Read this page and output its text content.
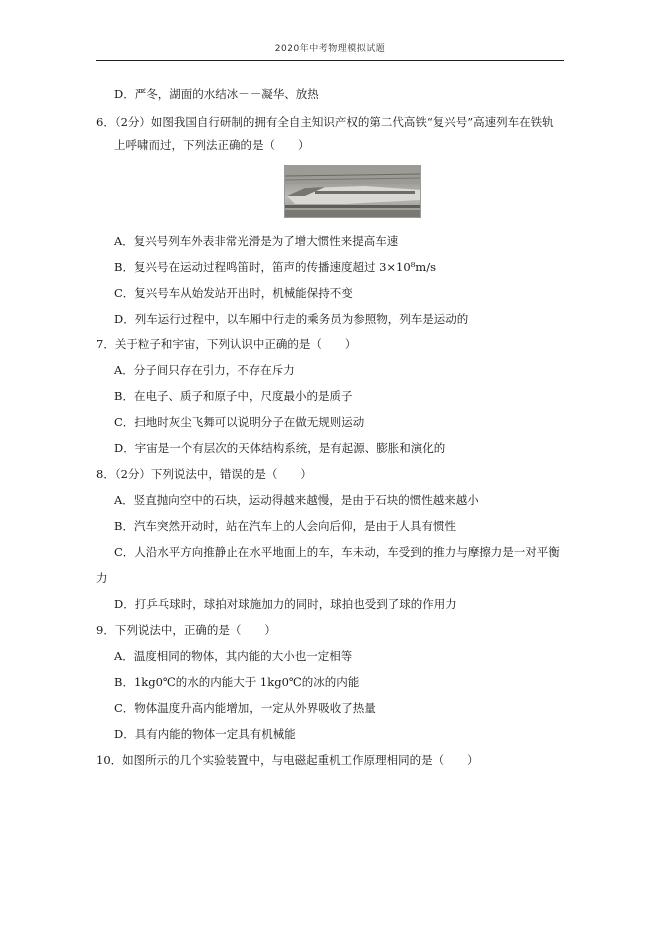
2020年中考物理模拟试题
D．严冬，湖面的水结冰－－凝华、放热
6．（2分）如图我国自行研制的拥有全自主知识产权的第二代高铁“复兴号”高速列车在铁轨
上呼啸而过，下列法正确的是（　　）
A．复兴号列车外表非常光滑是为了增大惯性来提高车速
B．复兴号在运动过程鸣笛时，笛声的传播速度超过 3×10⁸m/s
C．复兴号车从始发站开出时，机械能保持不变
D．列车运行过程中，以车厢中行走的乘务员为参照物，列车是运动的
7．关于粒子和宇宙，下列认识中正确的是（　　）
A．分子间只存在引力，不存在斥力
B．在电子、质子和原子中，尺度最小的是质子
C．扫地时灰尘飞舞可以说明分子在做无规则运动
D．宇宙是一个有层次的天体结构系统，是有起源、膨胀和演化的
8．（2分）下列说法中，错误的是（　　）
A．竖直抛向空中的石块，运动得越来越慢，是由于石块的惯性越来越小
B．汽车突然开动时，站在汽车上的人会向后仰，是由于人具有惯性
C．人沿水平方向推静止在水平地面上的车，车未动，车受到的推力与摩擦力是一对平衡
力
D．打乒乓球时，球拍对球施加力的同时，球拍也受到了球的作用力
9．下列说法中，正确的是（　　）
A．温度相同的物体，其内能的大小也一定相等
B．1kg0℃的水的内能大于 1kg0℃的冰的内能
C．物体温度升高内能增加，一定从外界吸收了热量
D．具有内能的物体一定具有机械能
10．如图所示的几个实验装置中，与电磁起重机工作原理相同的是（　　）
